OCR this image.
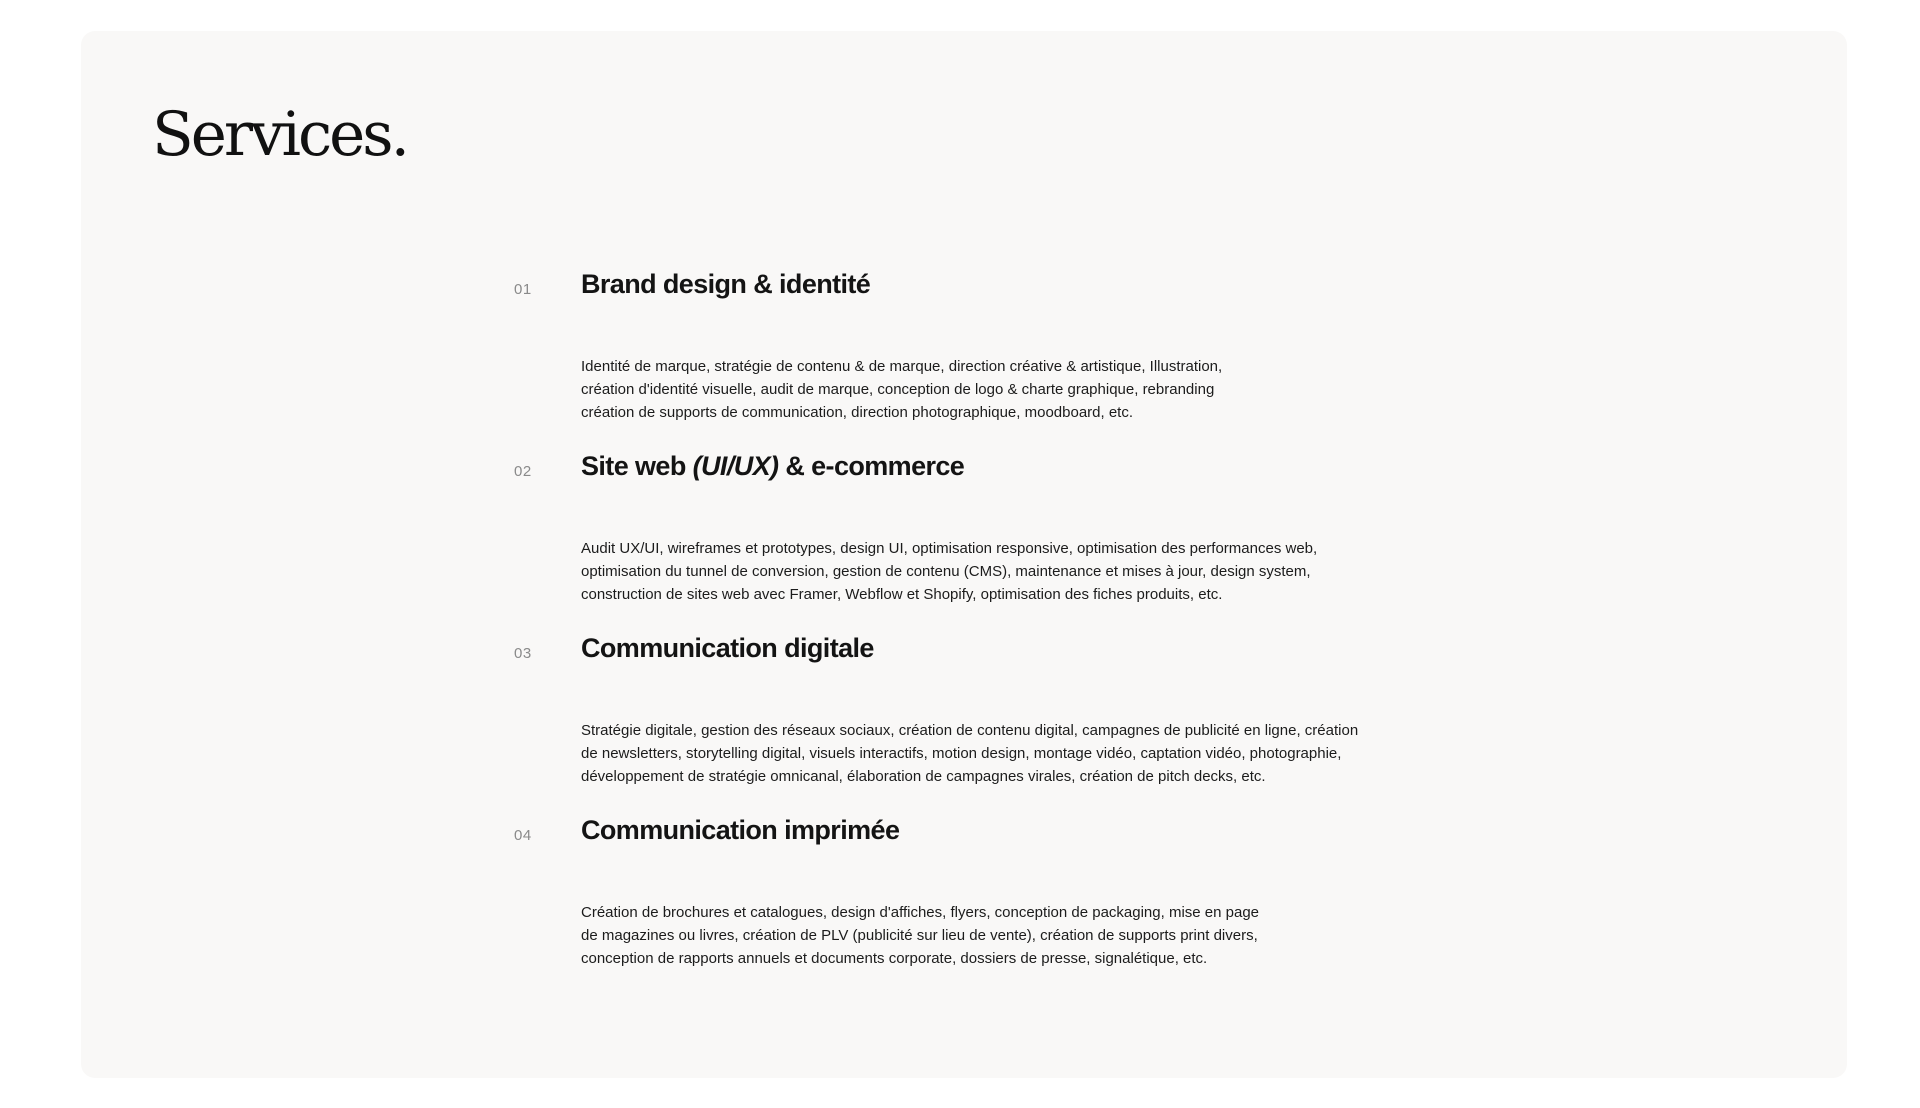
Services.
01 Brand design & identité

Identité de marque, stratégie de contenu & de marque, direction créative & artistique, Illustration,
création d'identité visuelle, audit de marque, conception de logo & charte graphique, rebranding
création de supports de communication, direction photographique, moodboard, etc.

02 Site web (UI/UX) & e-commerce

Audit UX/UI, wireframes et prototypes, design UI, optimisation responsive, optimisation des performances web,
optimisation du tunnel de conversion, gestion de contenu (CMS), maintenance et mises à jour, design system,
construction de sites web avec Framer, Webflow et Shopify, optimisation des fiches produits, etc.

03 Communication digitale

Stratégie digitale, gestion des réseaux sociaux, création de contenu digital, campagnes de publicité en ligne, création
de newsletters, storytelling digital, visuels interactifs, motion design, montage vidéo, captation vidéo, photographie,
développement de stratégie omnicanal, élaboration de campagnes virales, création de pitch decks, etc.

04 Communication imprimée

Création de brochures et catalogues, design d'affiches, flyers, conception de packaging, mise en page
de magazines ou livres, création de PLV (publicité sur lieu de vente), création de supports print divers,
conception de rapports annuels et documents corporate, dossiers de presse, signalétique, etc.
